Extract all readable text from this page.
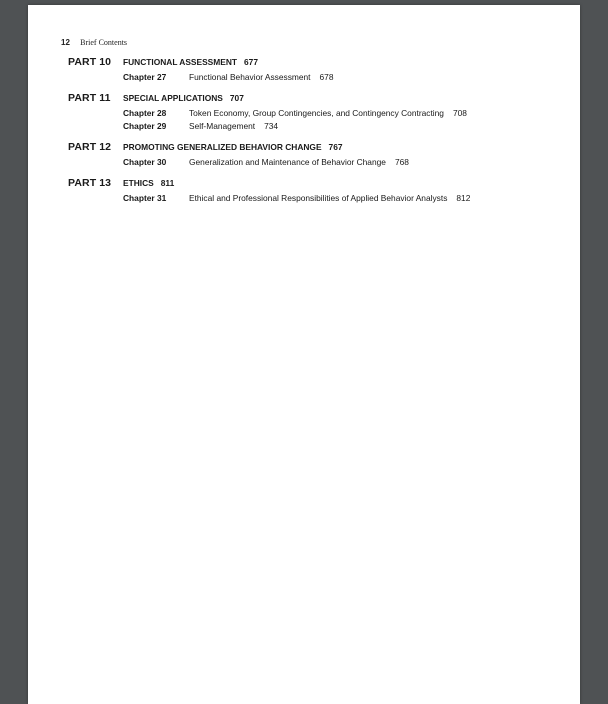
12 Brief Contents
PART 10 FUNCTIONAL ASSESSMENT 677
Chapter 27	Functional Behavior Assessment 678
PART 11 SPECIAL APPLICATIONS 707
Chapter 28	Token Economy, Group Contingencies, and Contingency Contracting 708
Chapter 29	Self-Management 734
PART 12 PROMOTING GENERALIZED BEHAVIOR CHANGE 767
Chapter 30	Generalization and Maintenance of Behavior Change 768
PART 13 ETHICS 811
Chapter 31	Ethical and Professional Responsibilities of Applied Behavior Analysts 812
